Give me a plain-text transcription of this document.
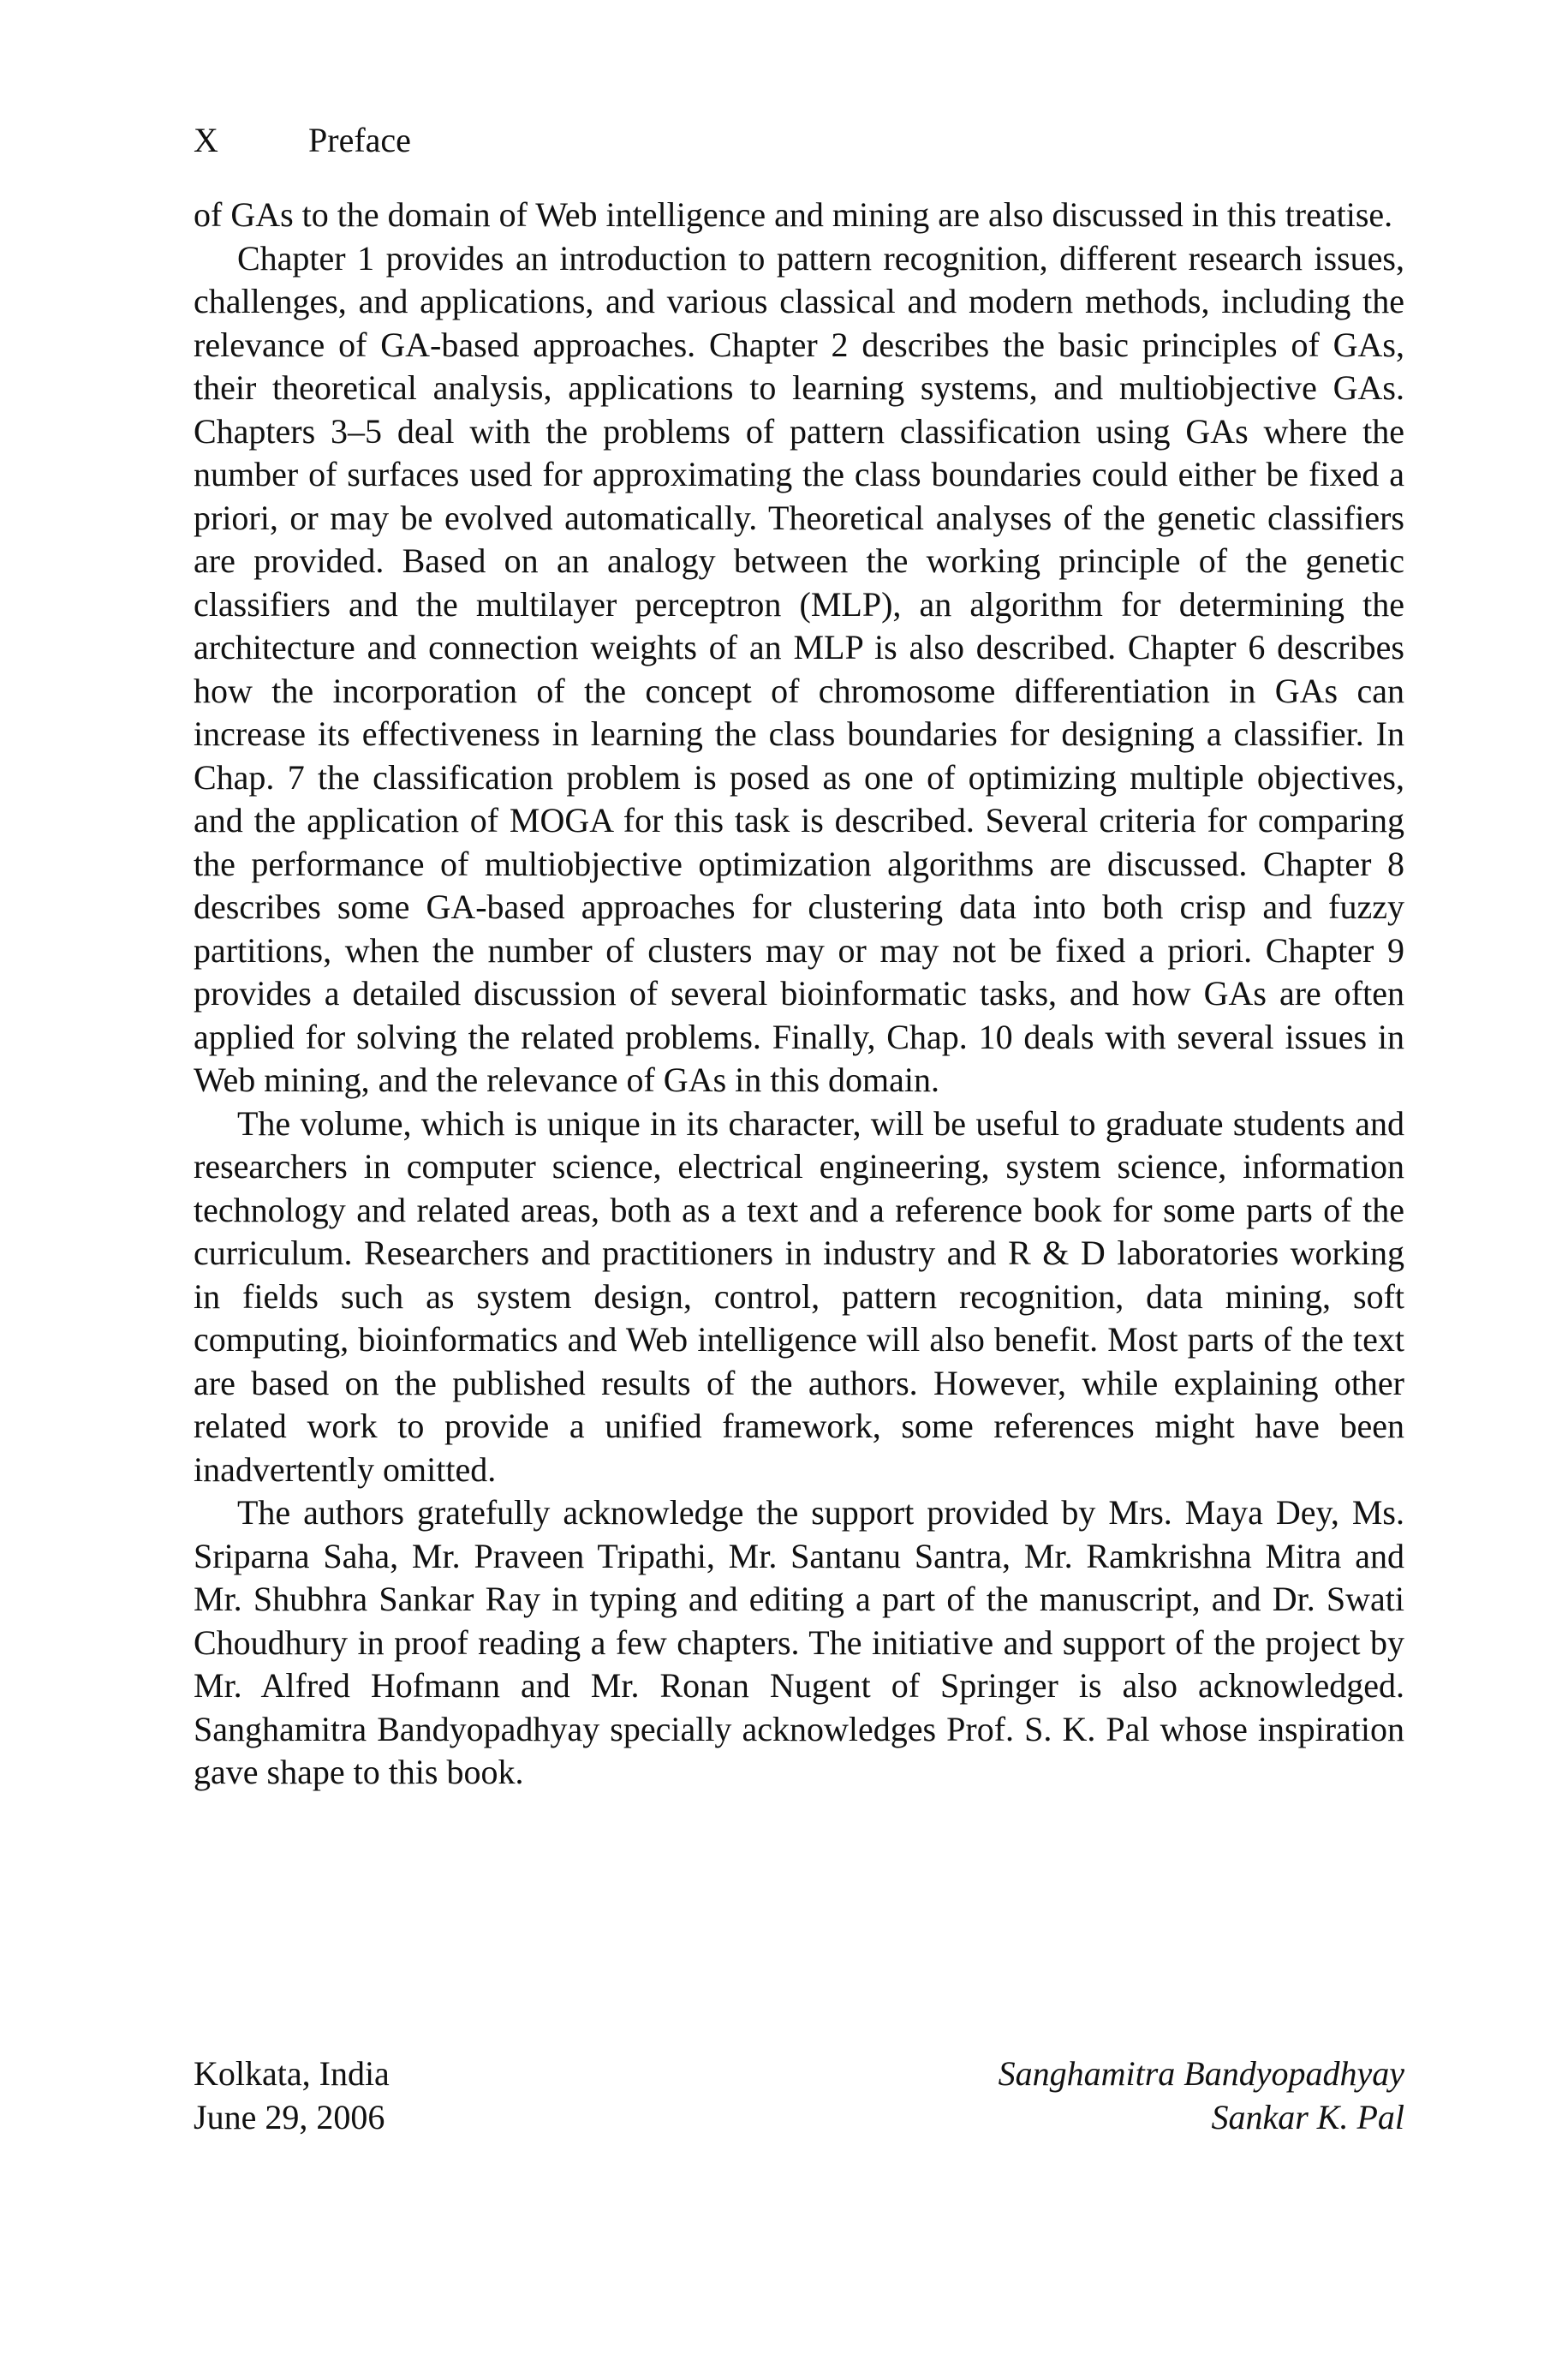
X	Preface

of GAs to the domain of Web intelligence and mining are also discussed in this treatise.

Chapter 1 provides an introduction to pattern recognition, different research issues, challenges, and applications, and various classical and modern methods, including the relevance of GA-based approaches. Chapter 2 describes the basic principles of GAs, their theoretical analysis, applications to learning systems, and multiobjective GAs. Chapters 3–5 deal with the problems of pattern classification using GAs where the number of surfaces used for approximating the class boundaries could either be fixed a priori, or may be evolved automatically. Theoretical analyses of the genetic classifiers are provided. Based on an analogy between the working principle of the genetic classifiers and the multilayer perceptron (MLP), an algorithm for determining the architecture and connection weights of an MLP is also described. Chapter 6 describes how the incorporation of the concept of chromosome differentiation in GAs can increase its effectiveness in learning the class boundaries for designing a classifier. In Chap. 7 the classification problem is posed as one of optimizing multiple objectives, and the application of MOGA for this task is described. Several criteria for comparing the performance of multiobjective optimization algorithms are discussed. Chapter 8 describes some GA-based approaches for clustering data into both crisp and fuzzy partitions, when the number of clusters may or may not be fixed a priori. Chapter 9 provides a detailed discussion of several bioinformatic tasks, and how GAs are often applied for solving the related problems. Finally, Chap. 10 deals with several issues in Web mining, and the relevance of GAs in this domain.

The volume, which is unique in its character, will be useful to graduate students and researchers in computer science, electrical engineering, system science, information technology and related areas, both as a text and a reference book for some parts of the curriculum. Researchers and practitioners in industry and R & D laboratories working in fields such as system design, control, pattern recognition, data mining, soft computing, bioinformatics and Web intelligence will also benefit. Most parts of the text are based on the published results of the authors. However, while explaining other related work to provide a unified framework, some references might have been inadvertently omitted.

The authors gratefully acknowledge the support provided by Mrs. Maya Dey, Ms. Sriparna Saha, Mr. Praveen Tripathi, Mr. Santanu Santra, Mr. Ramkrishna Mitra and Mr. Shubhra Sankar Ray in typing and editing a part of the manuscript, and Dr. Swati Choudhury in proof reading a few chapters. The initiative and support of the project by Mr. Alfred Hofmann and Mr. Ronan Nugent of Springer is also acknowledged. Sanghamitra Bandyopadhyay specially acknowledges Prof. S. K. Pal whose inspiration gave shape to this book.

Kolkata, India
June 29, 2006
Sanghamitra Bandyopadhyay
Sankar K. Pal
